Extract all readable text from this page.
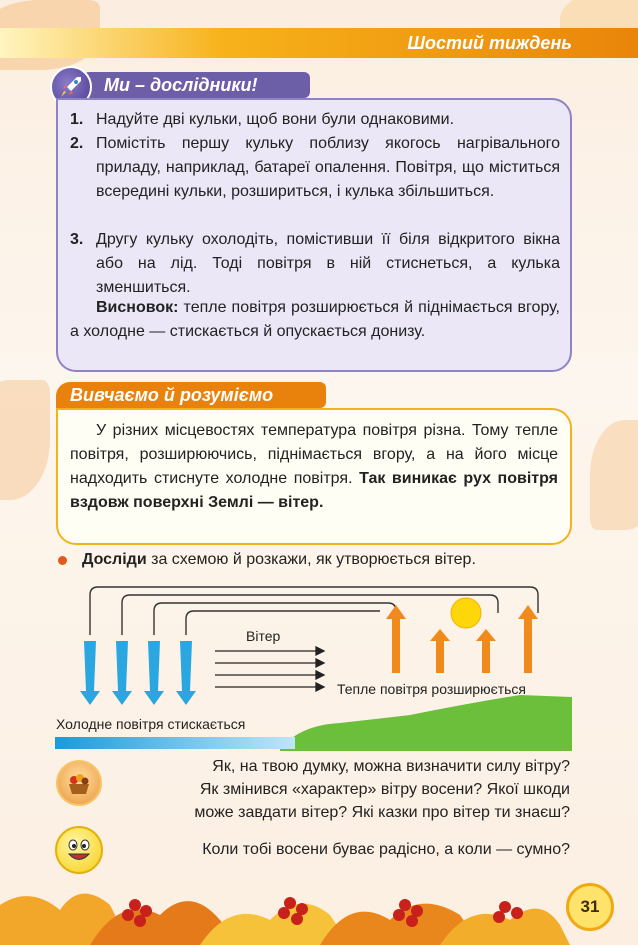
Шостий тиждень
Ми – дослідники!
1. Надуйте дві кульки, щоб вони були однаковими.
2. Помістіть першу кульку поблизу якогось нагрівального приладу, наприклад, батареї опалення. Повітря, що міститься всередині кульки, розшириться, і кулька збільшиться.
3. Другу кульку охолодіть, помістивши її біля відкритого вікна або на лід. Тоді повітря в ній стиснеться, а кулька зменшиться.
Висновок: тепле повітря розширюється й піднімається вгору, а холодне — стискається й опускається донизу.
Вивчаємо й розуміємо
У різних місцевостях температура повітря різна. Тому тепле повітря, розширюючись, піднімається вгору, а на його місце надходить стиснуте холодне повітря. Так виникає рух повітря вздовж поверхні Землі — вітер.
Досліди за схемою й розкажи, як утворюється вітер.
Вітер
Тепле повітря розширюється
Холодне повітря стискається
Як, на твою думку, можна визначити силу вітру?
Як змінився «характер» вітру восени? Якої шкоди
може завдати вітер? Які казки про вітер ти знаєш?
Коли тобі восени буває радісно, а коли — сумно?
31
